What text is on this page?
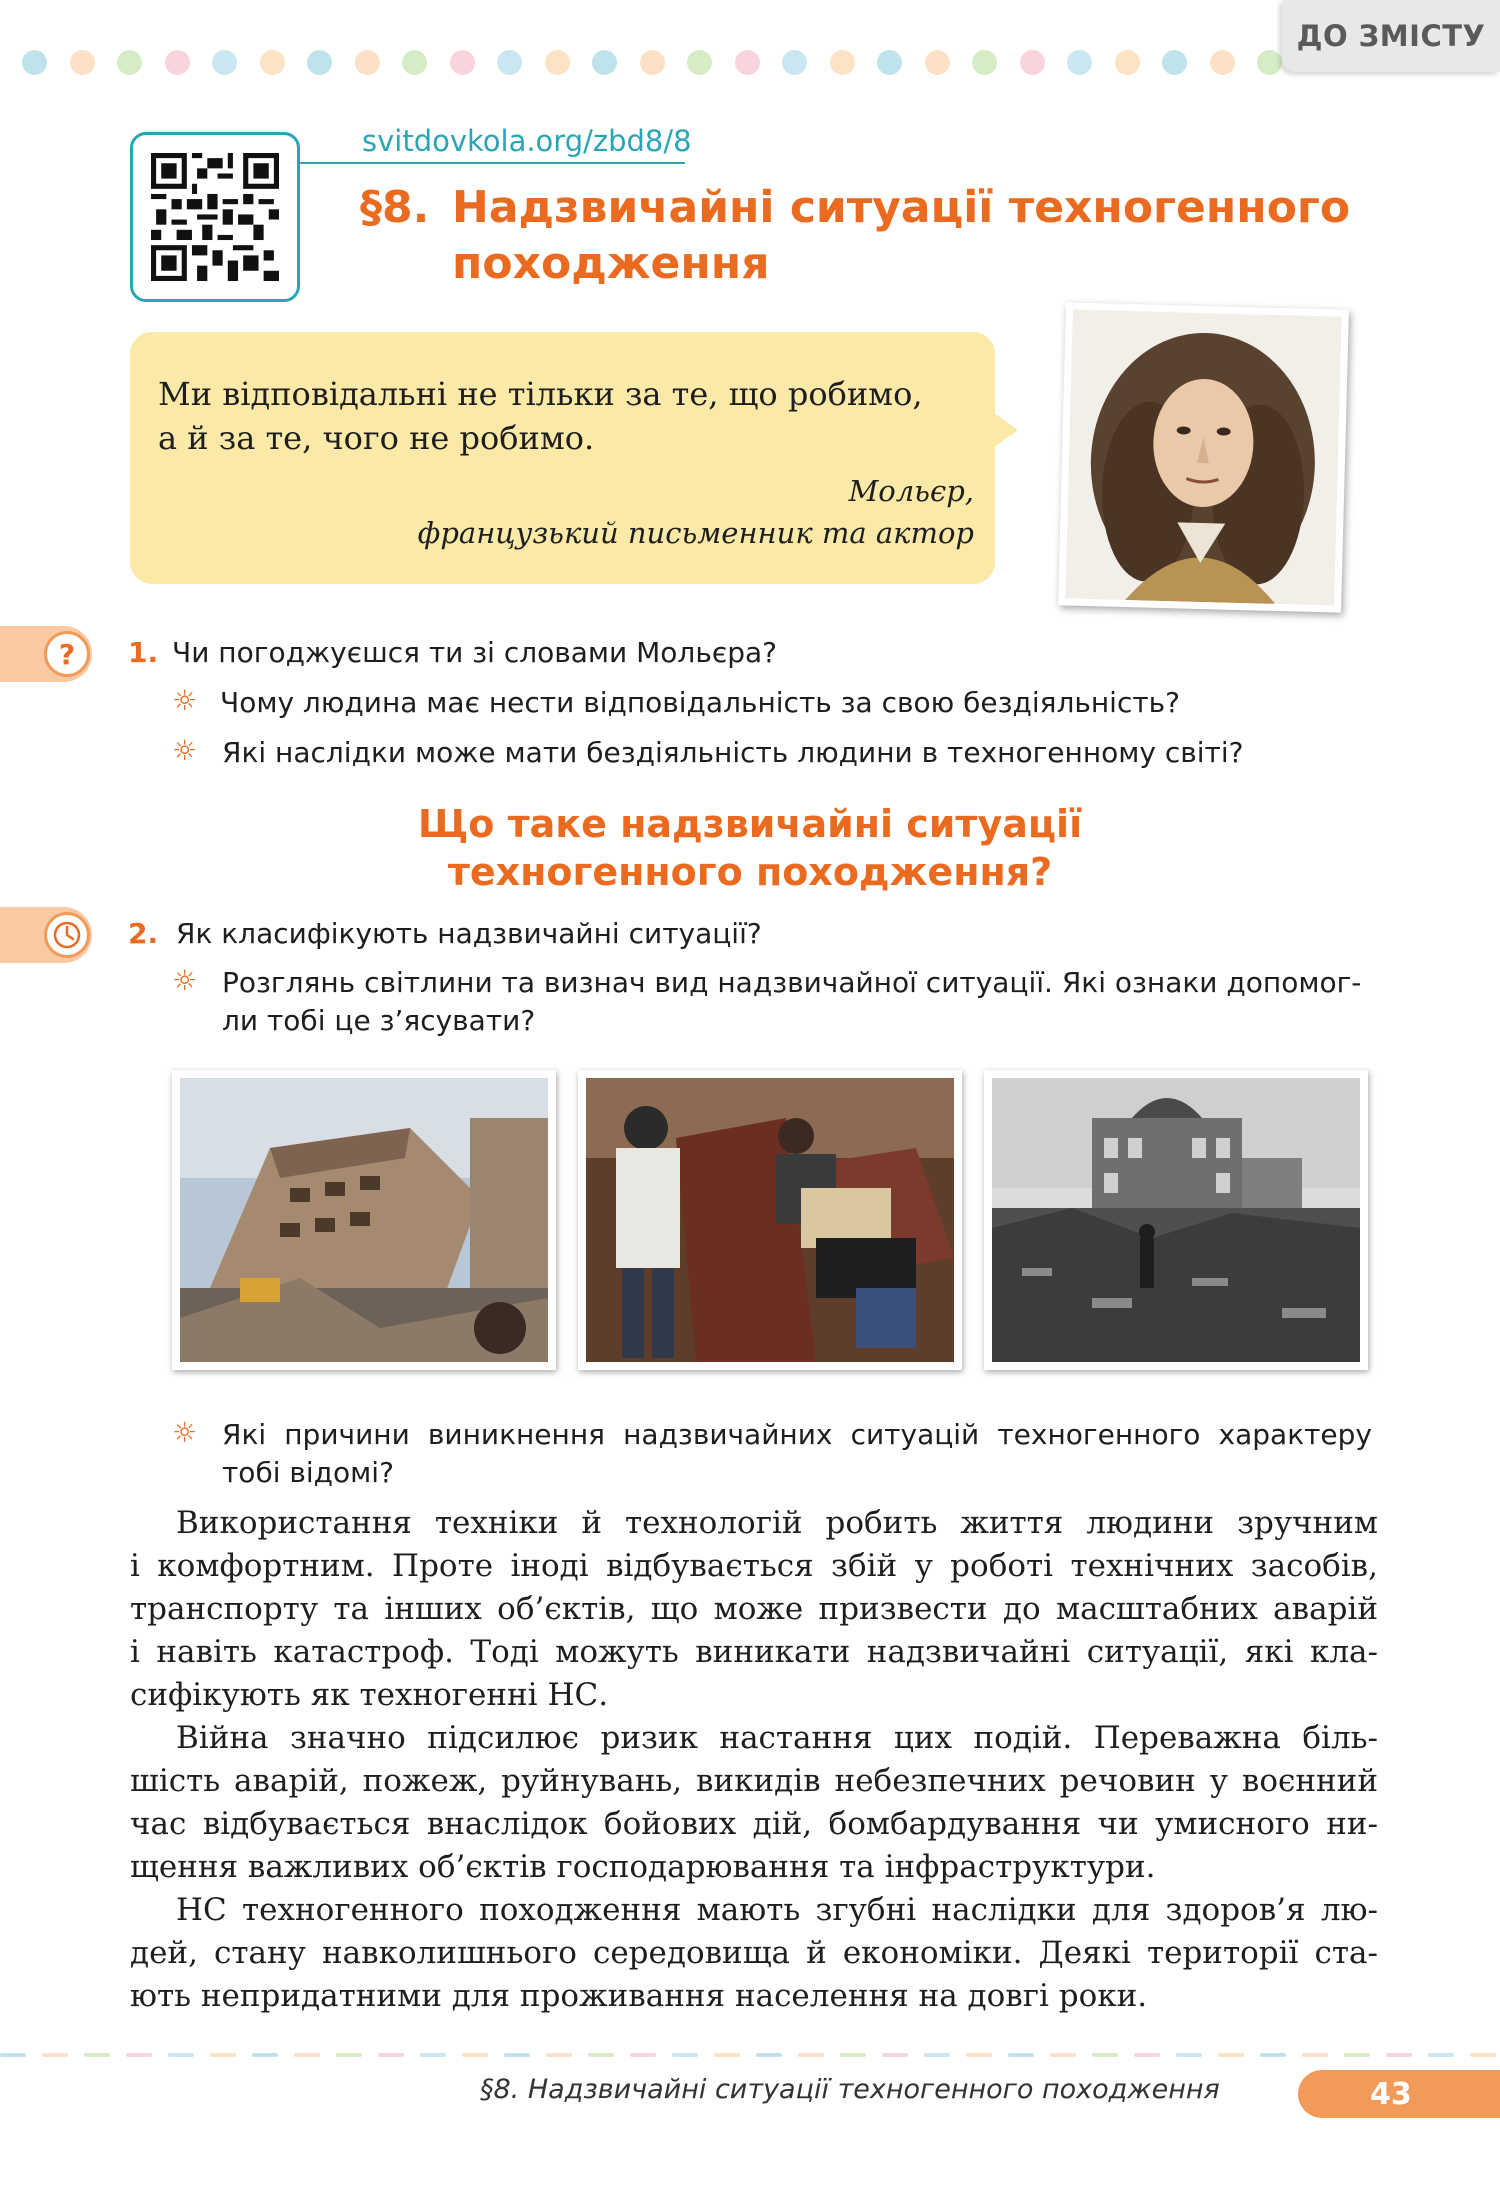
ДО ЗМІСТУ
svitdovkola.org/zbd8/8
§8. Надзвичайні ситуації техногенного
походження
Ми відповідальні не тільки за те, що робимо,
а й за те, чого не робимо.
Мольєр,
французький письменник та актор
?	1. Чи погоджуєшся ти зі словами Мольєра?
☼ Чому людина має нести відповідальність за свою бездіяльність?
☼ Які наслідки може мати бездіяльність людини в техногенному світі?
Що таке надзвичайні ситуації
техногенного походження?
2. Як класифікують надзвичайні ситуації?
☼ Розглянь світлини та визнач вид надзвичайної ситуації. Які ознаки допомог-
ли тобі це з’ясувати?
☼ Які причини виникнення надзвичайних ситуацій техногенного характеру
тобі відомі?
Використання техніки й технологій робить життя людини зручним
і комфортним. Проте іноді відбувається збій у роботі технічних засобів,
транспорту та інших об’єктів, що може призвести до масштабних аварій
і навіть катастроф. Тоді можуть виникати надзвичайні ситуації, які кла-
сифікують як техногенні НС.
Війна значно підсилює ризик настання цих подій. Переважна біль-
шість аварій, пожеж, руйнувань, викидів небезпечних речовин у воєнний
час відбувається внаслідок бойових дій, бомбардування чи умисного ни-
щення важливих об’єктів господарювання та інфраструктури.
НС техногенного походження мають згубні наслідки для здоров’я лю-
дей, стану навколишнього середовища й економіки. Деякі території ста-
ють непридатними для проживання населення на довгі роки.
§8. Надзвичайні ситуації техногенного походження	43
